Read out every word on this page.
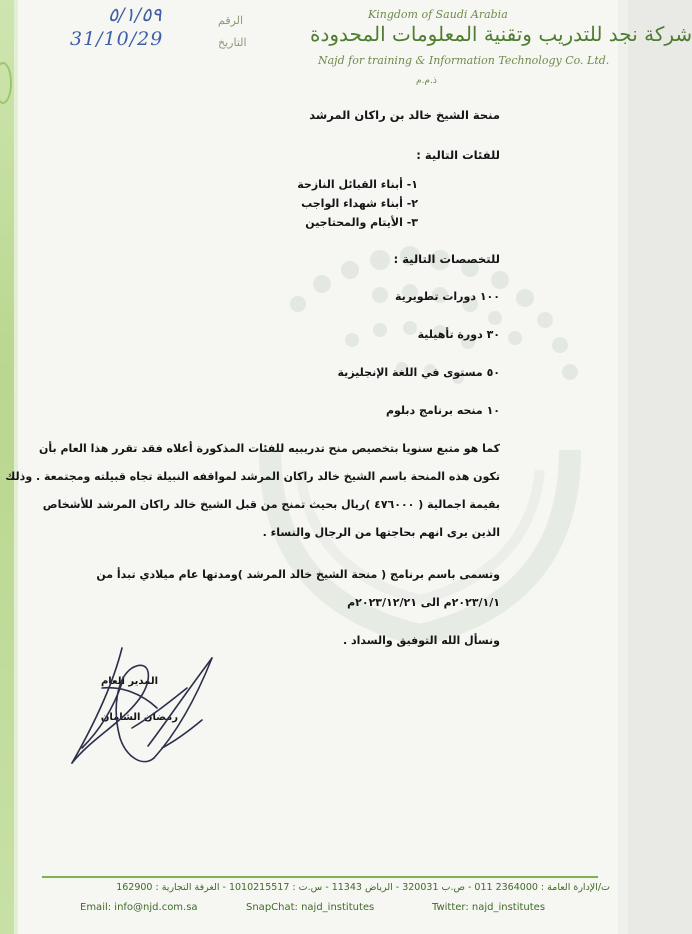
الرقم
٥/١/٥٩
التاريخ
31/10/29
Kingdom of Saudi Arabia
شركة نجد للتدريب وتقنية المعلومات المحدودة
Najd for training & Information Technology Co. Ltd.
ذ.م.م
منحة الشيخ خالد بن راكان المرشد
للفئات التالية :
١- أبناء القبائل النازحة
٢- أبناء شهداء الواجب
٣- الأيتام والمحتاجين
للتخصصات التالية :
١٠٠ دورات تطويرية
٣٠ دورة تأهيلية
٥٠ مستوى في اللغة الإنجليزية
١٠ منحه برنامج دبلوم
كما هو متبع سنويا بتخصيص منح تدريبيه للفئات المذكورة أعلاه فقد تقرر هذا العام بأن
تكون هذه المنحة باسم الشيخ خالد راكان المرشد لمواقفه النبيلة تجاه قبيلته ومجتمعة . وذلك
بقيمة اجمالية ( ٤٧٦٠٠٠ )ريال بحيث تمنح من قبل الشيخ خالد راكان المرشد للأشخاص
الذين يرى انهم بحاجتها من الرجال والنساء .
وتسمى باسم برنامج ( منحة الشيخ خالد المرشد )ومدتها عام ميلادي تبدأ من
٢٠٢٣/١/١م الى ٢٠٢٣/١٢/٢١م
ونسأل الله التوفيق والسداد .
المدير العام
رمضان الشامان
ت/الإدارة العامة : 2364000 011 - ص.ب 320031 - الرياض 11343 - س.ت : 1010215517 - الغرفة التجارية : 162900
Email: info@njd.com.sa	SnapChat: najd_institutes	Twitter: najd_institutes
